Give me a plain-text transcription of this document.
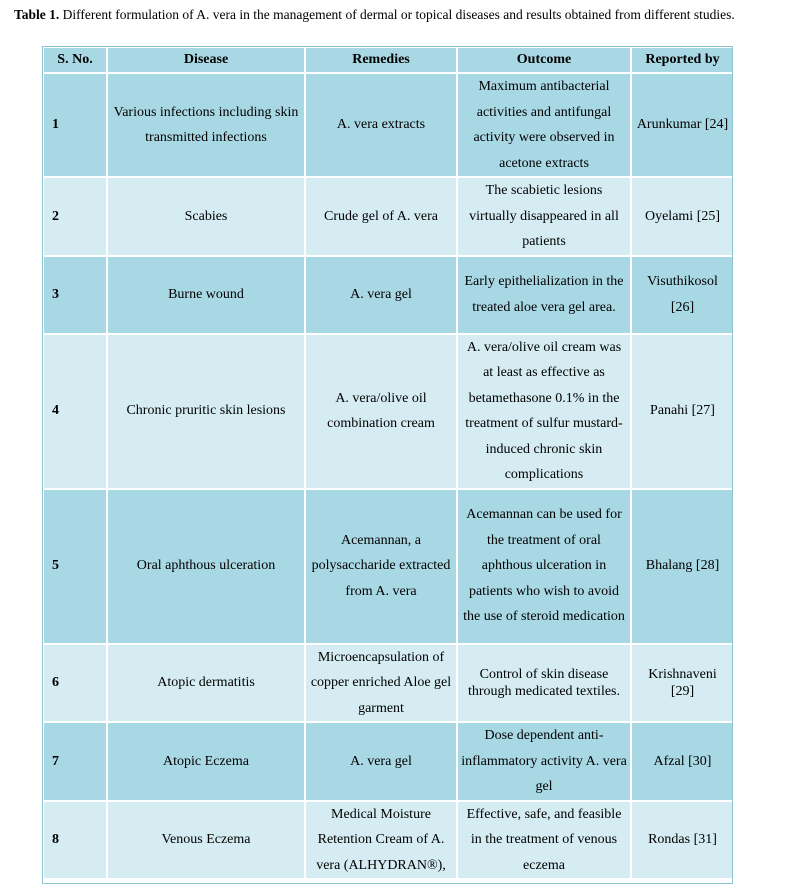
Table 1. Different formulation of A. vera in the management of dermal or topical diseases and results obtained from different studies.
S. No.	Disease	Remedies	Outcome	Reported by
1	Various infections including skin transmitted infections	A. vera extracts	Maximum antibacterial activities and antifungal activity were observed in acetone extracts	Arunkumar [24]
2	Scabies	Crude gel of A. vera	The scabietic lesions virtually disappeared in all patients	Oyelami [25]
3	Burne wound	A. vera gel	Early epithelialization in the treated aloe vera gel area.	Visuthikosol [26]
4	Chronic pruritic skin lesions	A. vera/olive oil combination cream	A. vera/olive oil cream was at least as effective as betamethasone 0.1% in the treatment of sulfur mustard-induced chronic skin complications	Panahi [27]
5	Oral aphthous ulceration	Acemannan, a polysaccharide extracted from A. vera	Acemannan can be used for the treatment of oral aphthous ulceration in patients who wish to avoid the use of steroid medication	Bhalang [28]
6	Atopic dermatitis	Microencapsulation of copper enriched Aloe gel garment	Control of skin disease through medicated textiles.	Krishnaveni [29]
7	Atopic Eczema	A. vera gel	Dose dependent anti-inflammatory activity A. vera gel	Afzal [30]
8	Venous Eczema	Medical Moisture Retention Cream of A. vera (ALHYDRAN®),	Effective, safe, and feasible in the treatment of venous eczema	Rondas [31]
